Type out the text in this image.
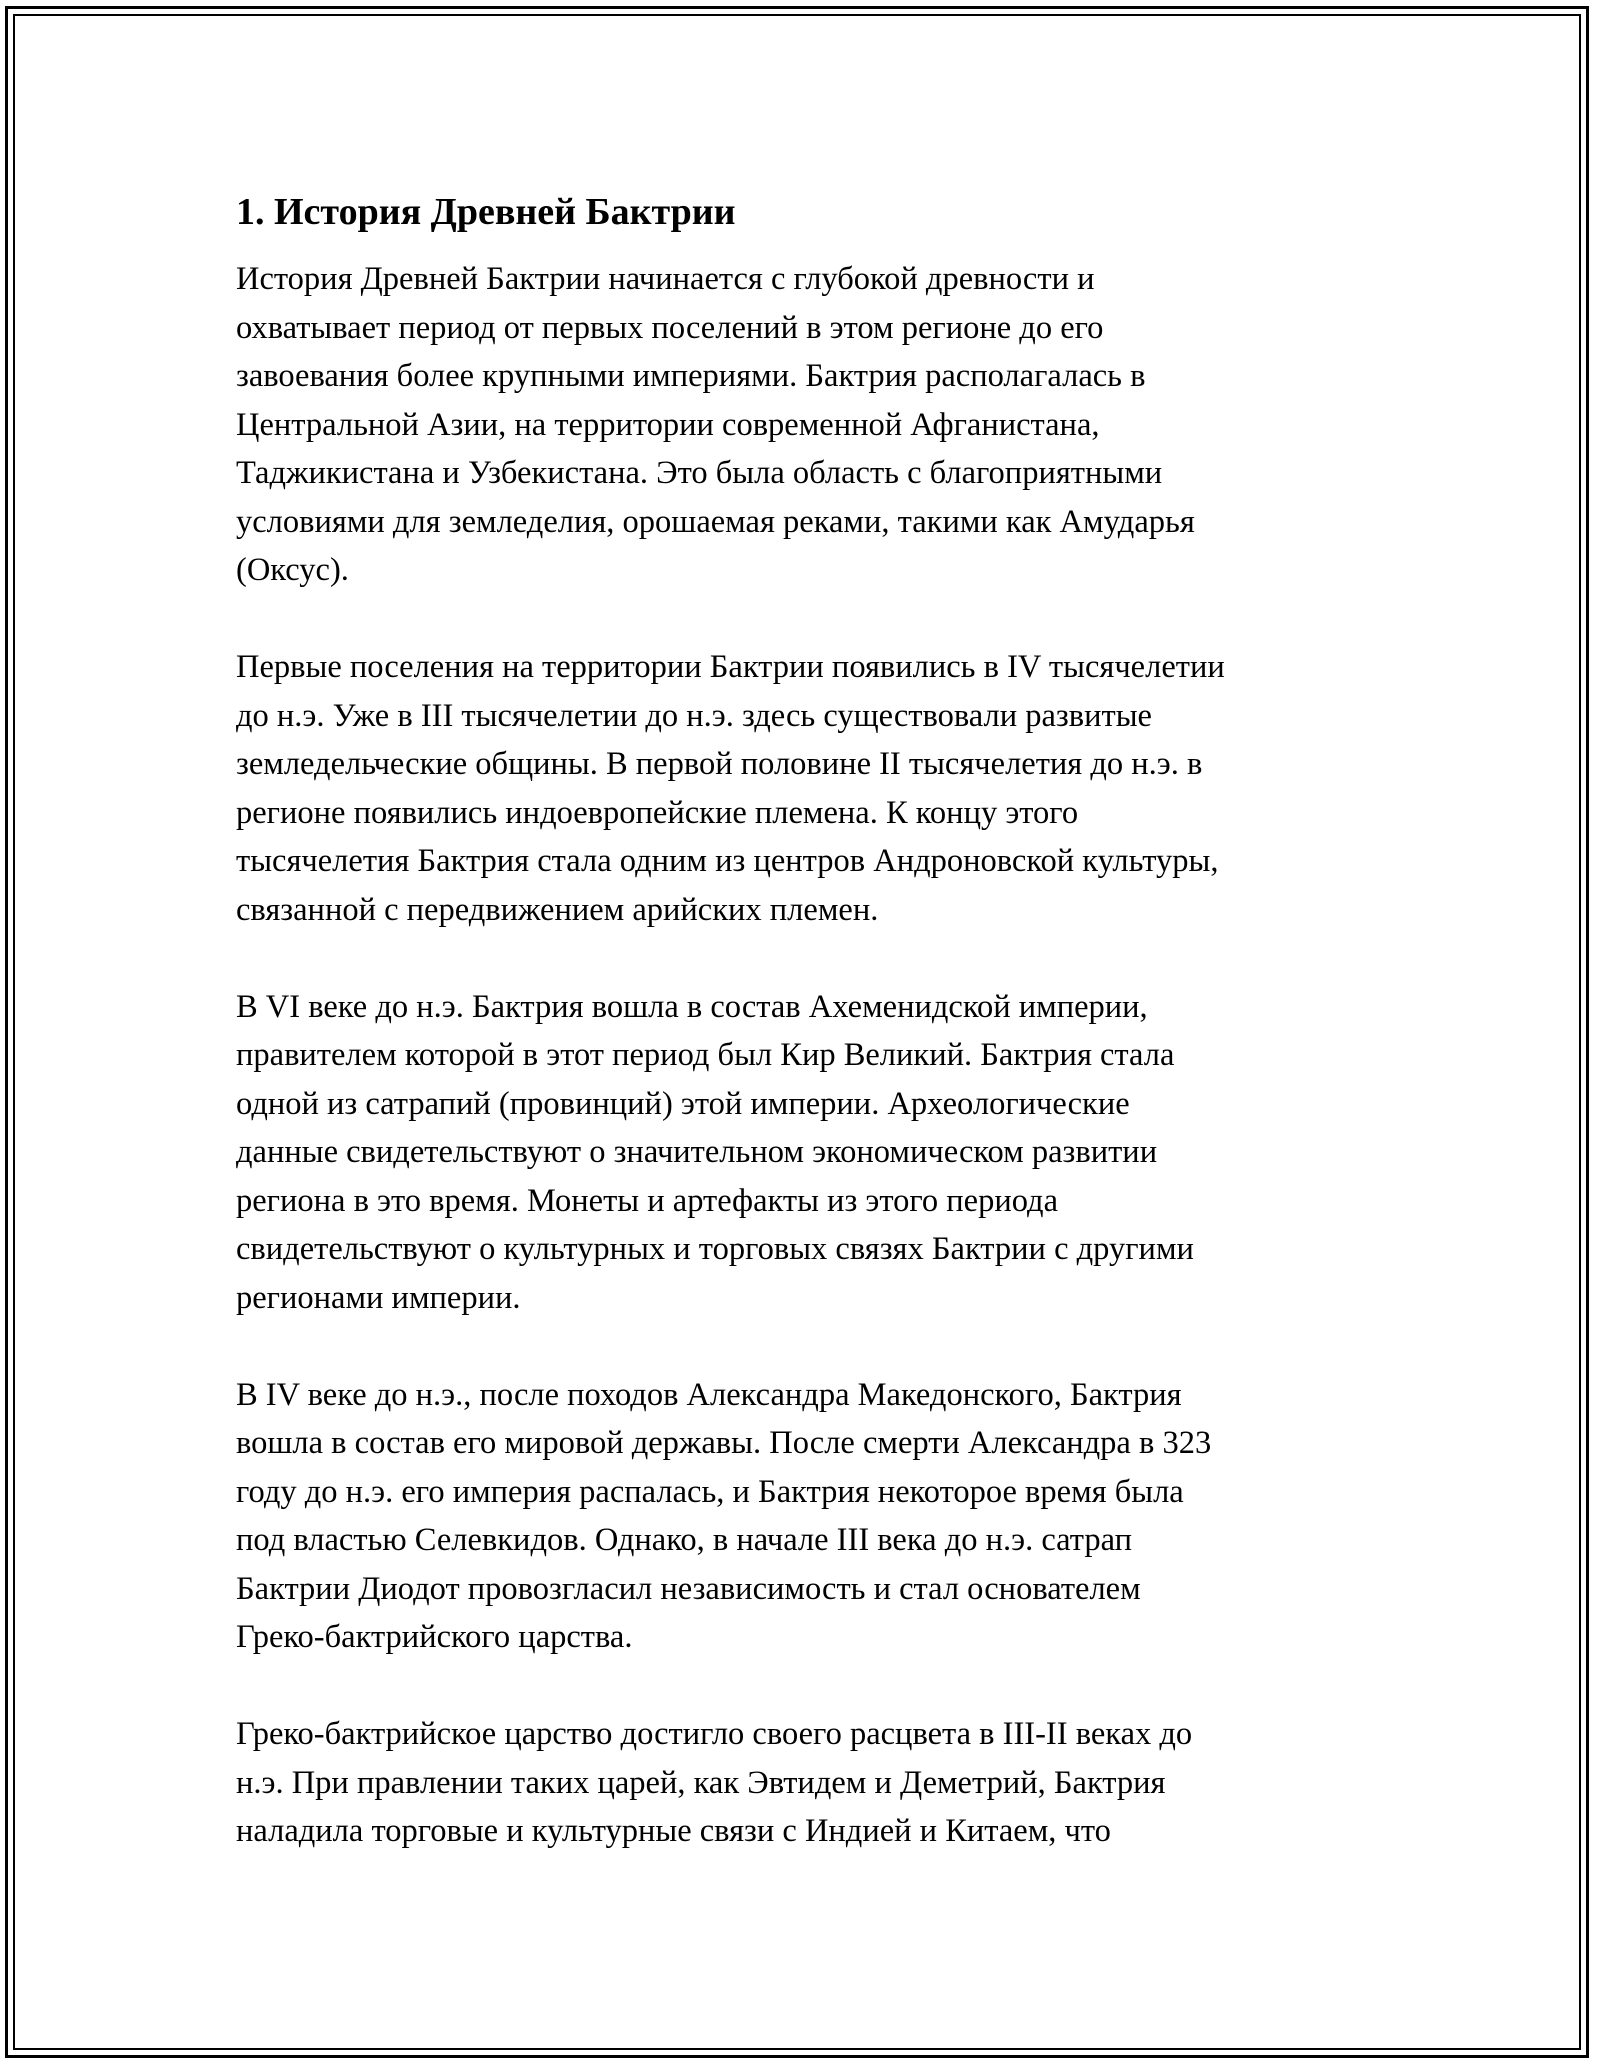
1. История Древней Бактрии
История Древней Бактрии начинается с глубокой древности и
охватывает период от первых поселений в этом регионе до его
завоевания более крупными империями. Бактрия располагалась в
Центральной Азии, на территории современной Афганистана,
Таджикистана и Узбекистана. Это была область с благоприятными
условиями для земледелия, орошаемая реками, такими как Амударья
(Оксус).
Первые поселения на территории Бактрии появились в IV тысячелетии
до н.э. Уже в III тысячелетии до н.э. здесь существовали развитые
земледельческие общины. В первой половине II тысячелетия до н.э. в
регионе появились индоевропейские племена. К концу этого
тысячелетия Бактрия стала одним из центров Андроновской культуры,
связанной с передвижением арийских племен.
В VI веке до н.э. Бактрия вошла в состав Ахеменидской империи,
правителем которой в этот период был Кир Великий. Бактрия стала
одной из сатрапий (провинций) этой империи. Археологические
данные свидетельствуют о значительном экономическом развитии
региона в это время. Монеты и артефакты из этого периода
свидетельствуют о культурных и торговых связях Бактрии с другими
регионами империи.
В IV веке до н.э., после походов Александра Македонского, Бактрия
вошла в состав его мировой державы. После смерти Александра в 323
году до н.э. его империя распалась, и Бактрия некоторое время была
под властью Селевкидов. Однако, в начале III века до н.э. сатрап
Бактрии Диодот провозгласил независимость и стал основателем
Греко-бактрийского царства.
Греко-бактрийское царство достигло своего расцвета в III-II веках до
н.э. При правлении таких царей, как Эвтидем и Деметрий, Бактрия
наладила торговые и культурные связи с Индией и Китаем, что
